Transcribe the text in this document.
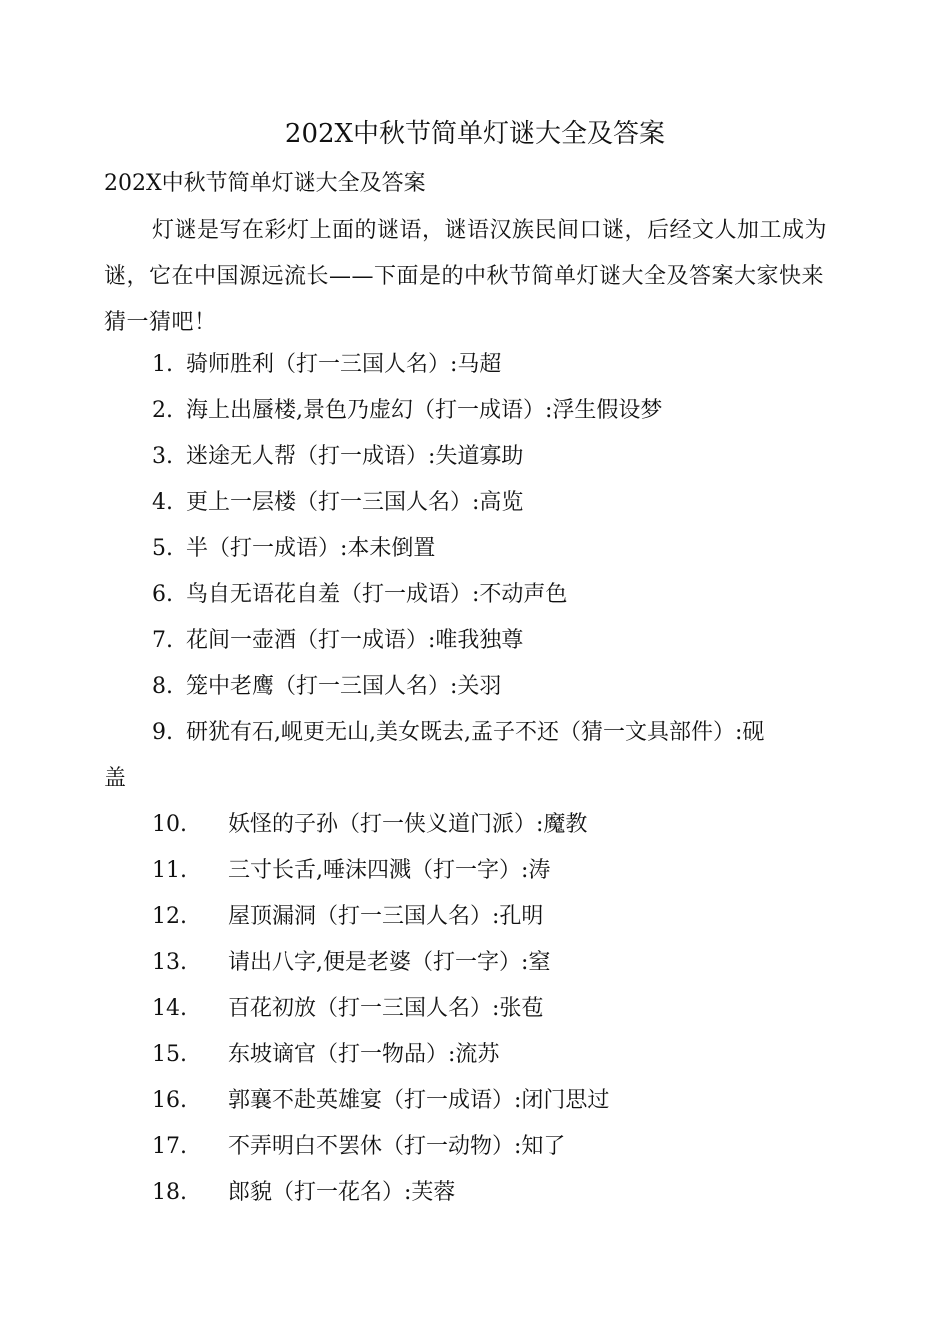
202X中秋节简单灯谜大全及答案

202X中秋节简单灯谜大全及答案

灯谜是写在彩灯上面的谜语，谜语汉族民间口谜，后经文人加工成为谜，它在中国源远流长——下面是的中秋节简单灯谜大全及答案大家快来猜一猜吧！

1. 骑师胜利（打一三国人名）:马超
2. 海上出蜃楼,景色乃虚幻（打一成语）:浮生假设梦
3. 迷途无人帮（打一成语）:失道寡助
4. 更上一层楼（打一三国人名）:高览
5. 半（打一成语）:本未倒置
6. 鸟自无语花自羞（打一成语）:不动声色
7. 花间一壶酒（打一成语）:唯我独尊
8. 笼中老鹰（打一三国人名）:关羽
9. 研犹有石,岘更无山,美女既去,孟子不还（猜一文具部件）:砚
盖
10. 妖怪的子孙（打一侠义道门派）:魔教
11. 三寸长舌,唾沫四溅（打一字）:涛
12. 屋顶漏洞（打一三国人名）:孔明
13. 请出八字,便是老婆（打一字）:窒
14. 百花初放（打一三国人名）:张苞
15. 东坡谪官（打一物品）:流苏
16. 郭襄不赴英雄宴（打一成语）:闭门思过
17. 不弄明白不罢休（打一动物）:知了
18. 郎貌（打一花名）:芙蓉
